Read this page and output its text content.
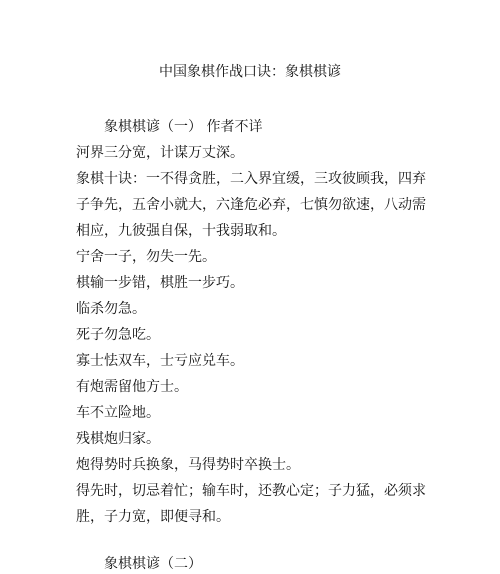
中国象棋作战口诀：象棋棋谚
象棋棋谚（一） 作者不详
河界三分宽，计谋万丈深。
象棋十诀：一不得贪胜，二入界宜缓，三攻彼顾我，四弃
子争先，五舍小就大，六逢危必弃，七慎勿欲速，八动需
相应，九彼强自保，十我弱取和。
宁舍一子，勿失一先。
棋输一步错，棋胜一步巧。
临杀勿急。
死子勿急吃。
寡士怯双车，士亏应兑车。
有炮需留他方士。
车不立险地。
残棋炮归家。
炮得势时兵换象，马得势时卒换士。
得先时，切忌着忙；输车时，还教心定；子力猛，必须求
胜，子力宽，即便寻和。
象棋棋谚（二）
